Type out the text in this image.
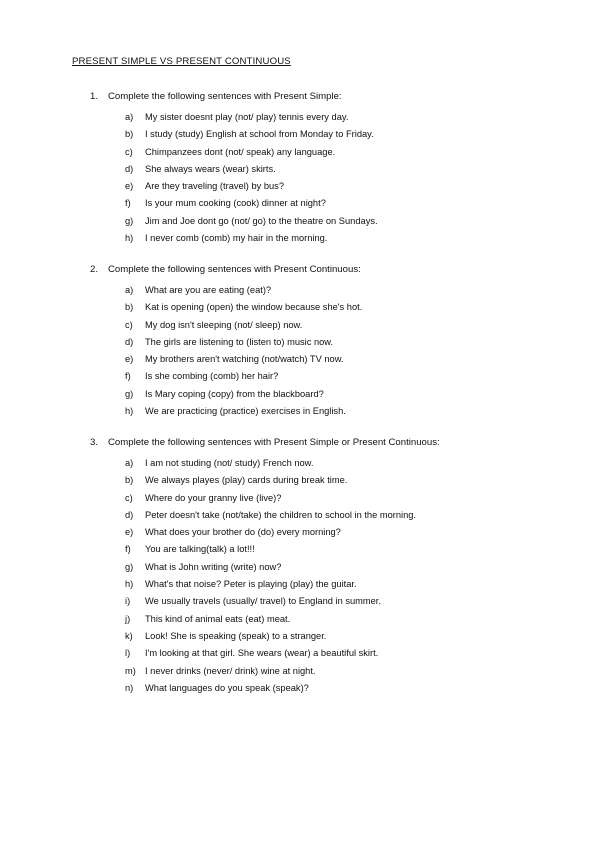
PRESENT SIMPLE VS PRESENT CONTINUOUS
1. Complete the following sentences with Present Simple:
a) My sister doesnt play (not/ play) tennis every day.
b) I study (study) English at school from Monday to Friday.
c) Chimpanzees dont (not/ speak) any language.
d) She always wears (wear) skirts.
e) Are they traveling (travel) by bus?
f) Is your mum cooking (cook) dinner at night?
g) Jim and Joe dont go (not/ go) to the theatre on Sundays.
h) I never comb (comb) my hair in the morning.
2. Complete the following sentences with Present Continuous:
a) What are you are eating (eat)?
b) Kat is opening (open) the window because she's hot.
c) My dog isn't sleeping (not/ sleep) now.
d) The girls are listening to (listen to) music now.
e) My brothers aren't watching (not/watch) TV now.
f) Is she combing (comb) her hair?
g) Is Mary coping (copy) from the blackboard?
h) We are practicing (practice) exercises in English.
3. Complete the following sentences with Present Simple or Present Continuous:
a) I am not studing (not/ study) French now.
b) We always playes (play) cards during break time.
c) Where do your granny live (live)?
d) Peter doesn't take (not/take) the children to school in the morning.
e) What does your brother do (do) every morning?
f) You are talking(talk) a lot!!!
g) What is John writing (write) now?
h) What's that noise? Peter is playing (play) the guitar.
i) We usually travels (usually/ travel) to England in summer.
j) This kind of animal eats (eat) meat.
k) Look! She is speaking (speak) to a stranger.
l) I'm looking at that girl. She wears (wear) a beautiful skirt.
m) I never drinks (never/ drink) wine at night.
n) What languages do you speak (speak)?
